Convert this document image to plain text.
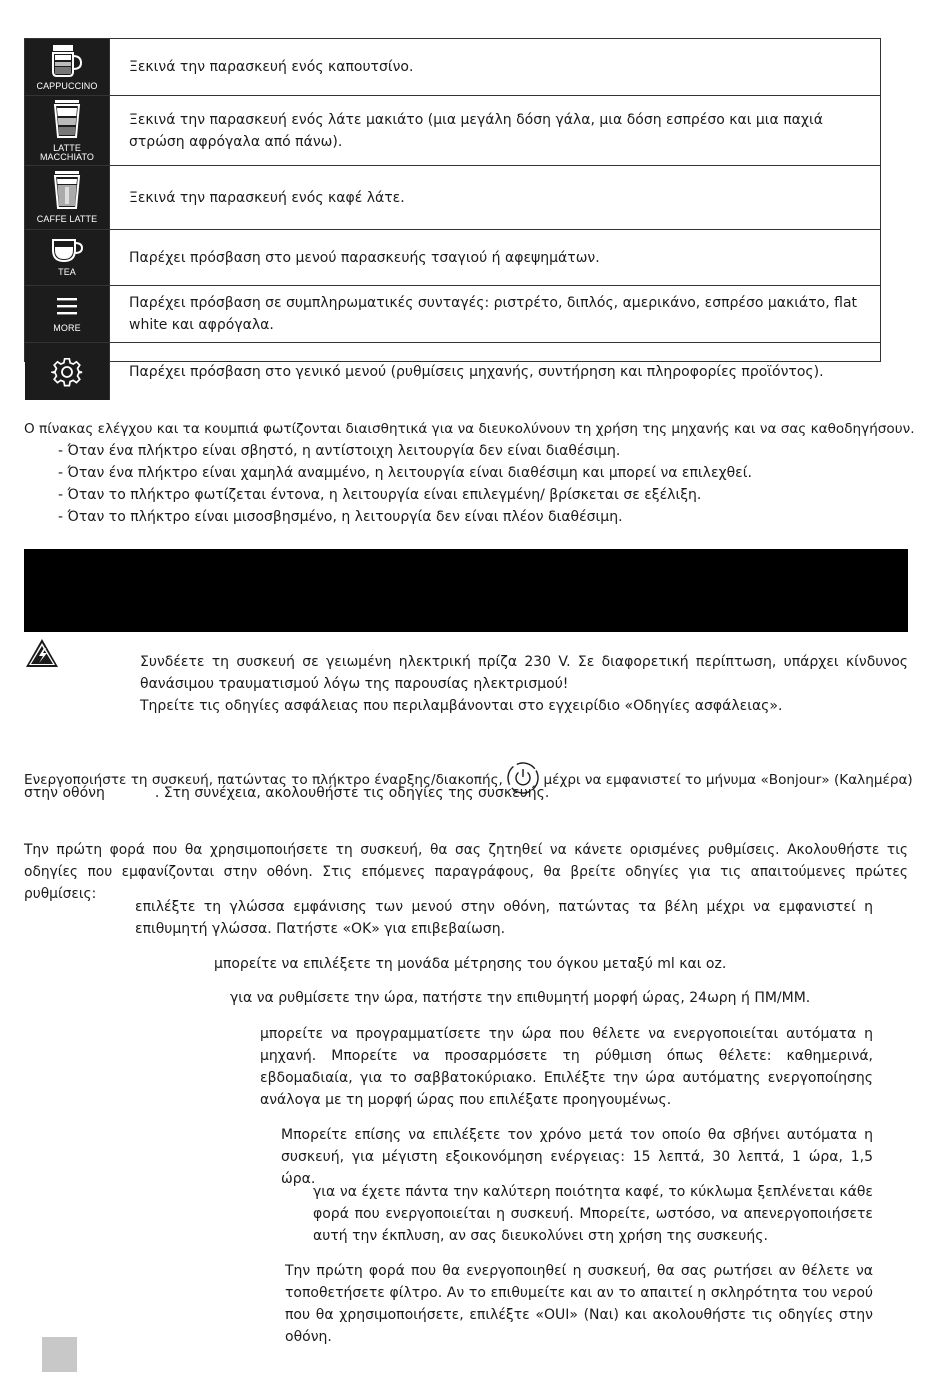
CAPPUCCINO
Ξεκινά την παρασκευή ενός καπουτσίνο.
LATTE MACCHIATO
Ξεκινά την παρασκευή ενός λάτε μακιάτο (μια μεγάλη δόση γάλα, μια δόση εσπρέσο και μια παχιά στρώση αφρόγαλα από πάνω).
CAFFE LATTE
Ξεκινά την παρασκευή ενός καφέ λάτε.
TEA
Παρέχει πρόσβαση στο μενού παρασκευής τσαγιού ή αφεψημάτων.
MORE
Παρέχει πρόσβαση σε συμπληρωματικές συνταγές: ριστρέτο, διπλός, αμερικάνο, εσπρέσο μακιάτο, flat white και αφρόγαλα.
Παρέχει πρόσβαση στο γενικό μενού (ρυθμίσεις μηχανής, συντήρηση και πληροφορίες προϊόντος).
Ο πίνακας ελέγχου και τα κουμπιά φωτίζονται διαισθητικά για να διευκολύνουν τη χρήση της μηχανής και να σας καθοδηγήσουν.
- Όταν ένα πλήκτρο είναι σβηστό, η αντίστοιχη λειτουργία δεν είναι διαθέσιμη.
- Όταν ένα πλήκτρο είναι χαμηλά αναμμένο, η λειτουργία είναι διαθέσιμη και μπορεί να επιλεχθεί.
- Όταν το πλήκτρο φωτίζεται έντονα, η λειτουργία είναι επιλεγμένη/ βρίσκεται σε εξέλιξη.
- Όταν το πλήκτρο είναι μισοσβησμένο, η λειτουργία δεν είναι πλέον διαθέσιμη.
Συνδέετε τη συσκευή σε γειωμένη ηλεκτρική πρίζα 230 V. Σε διαφορετική περίπτωση, υπάρχει κίνδυνος θανάσιμου τραυματισμού λόγω της παρουσίας ηλεκτρισμού!
Τηρείτε τις οδηγίες ασφάλειας που περιλαμβάνονται στο εγχειρίδιο «Οδηγίες ασφάλειας».
Ενεργοποιήστε τη συσκευή, πατώντας το πλήκτρο έναρξης/διακοπής,	μέχρι να εμφανιστεί το μήνυμα «Bonjour» (Καλημέρα)
στην οθόνη	. Στη συνέχεια, ακολουθήστε τις οδηγίες της συσκευής.
Την πρώτη φορά που θα χρησιμοποιήσετε τη συσκευή, θα σας ζητηθεί να κάνετε ορισμένες ρυθμίσεις. Ακολουθήστε τις οδηγίες που εμφανίζονται στην οθόνη. Στις επόμενες παραγράφους, θα βρείτε οδηγίες για τις απαιτούμενες πρώτες ρυθμίσεις:
επιλέξτε τη γλώσσα εμφάνισης των μενού στην οθόνη, πατώντας τα βέλη μέχρι να εμφανιστεί η επιθυμητή γλώσσα. Πατήστε «OK» για επιβεβαίωση.
μπορείτε να επιλέξετε τη μονάδα μέτρησης του όγκου μεταξύ ml και oz.
για να ρυθμίσετε την ώρα, πατήστε την επιθυμητή μορφή ώρας, 24ωρη ή ΠΜ/ΜΜ.
μπορείτε να προγραμματίσετε την ώρα που θέλετε να ενεργοποιείται αυτόματα η μηχανή. Μπορείτε να προσαρμόσετε τη ρύθμιση όπως θέλετε: καθημερινά, εβδομαδιαία, για το σαββατοκύριακο. Επιλέξτε την ώρα αυτόματης ενεργοποίησης ανάλογα με τη μορφή ώρας που επιλέξατε προηγουμένως.
Μπορείτε επίσης να επιλέξετε τον χρόνο μετά τον οποίο θα σβήνει αυτόματα η συσκευή, για μέγιστη εξοικονόμηση ενέργειας: 15 λεπτά, 30 λεπτά, 1 ώρα, 1,5 ώρα.
για να έχετε πάντα την καλύτερη ποιότητα καφέ, το κύκλωμα ξεπλένεται κάθε φορά που ενεργοποιείται η συσκευή. Μπορείτε, ωστόσο, να απενεργοποιήσετε αυτή την έκπλυση, αν σας διευκολύνει στη χρήση της συσκευής.
Την πρώτη φορά που θα ενεργοποιηθεί η συσκευή, θα σας ρωτήσει αν θέλετε να τοποθετήσετε φίλτρο. Αν το επιθυμείτε και αν το απαιτεί η σκληρότητα του νερού που θα χρησιμοποιήσετε, επιλέξτε «OUI» (Ναι) και ακολουθήστε τις οδηγίες στην οθόνη.
